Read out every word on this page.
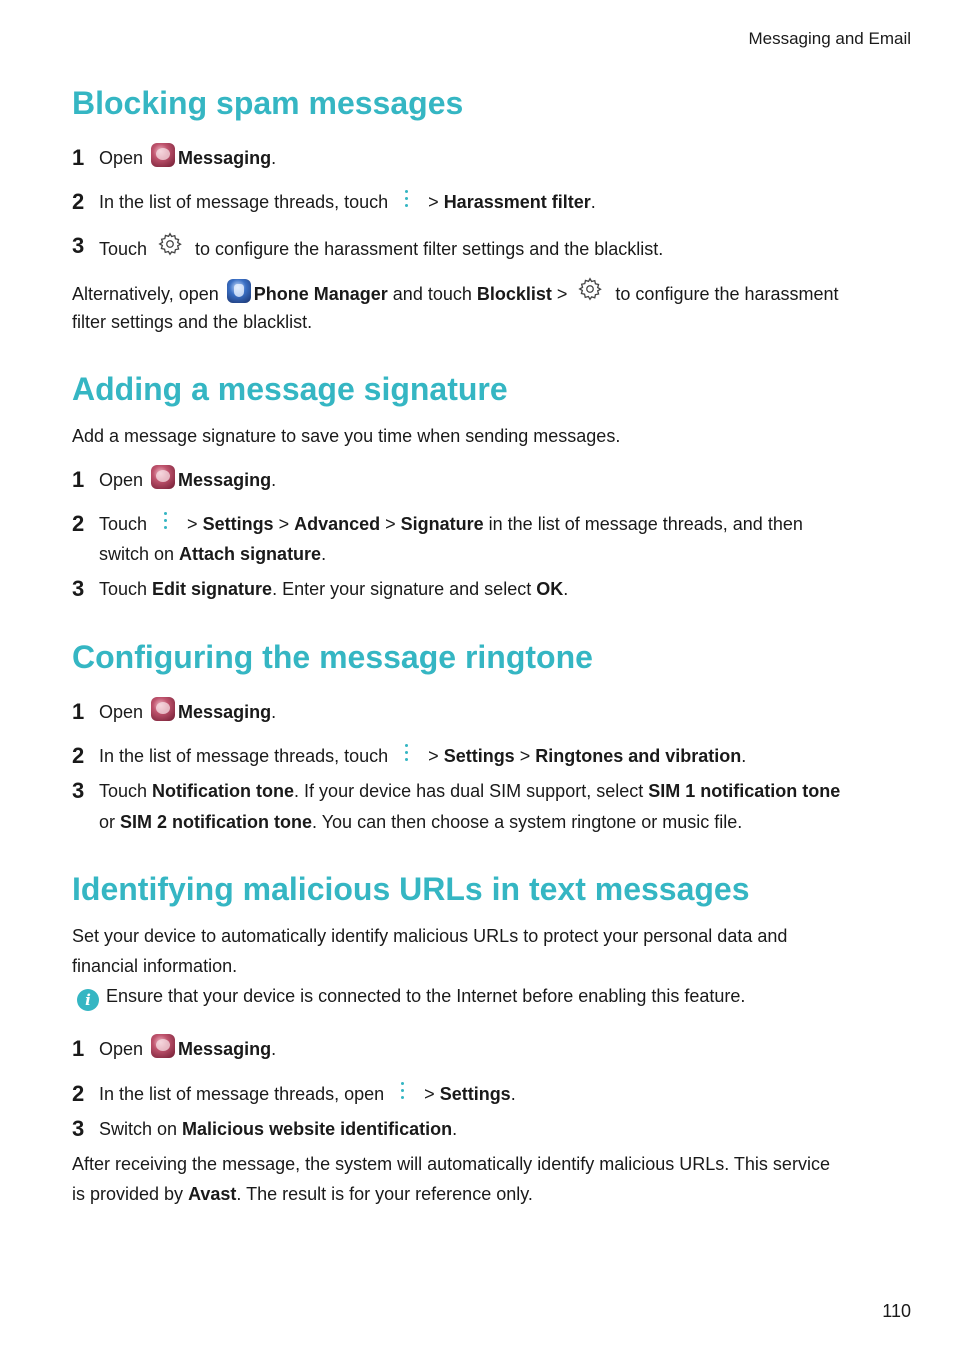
Messaging and Email
Blocking spam messages
1 Open Messaging.
2 In the list of message threads, touch > Harassment filter.
3 Touch	to configure the harassment filter settings and the blacklist.
Alternatively, open Phone Manager and touch Blocklist >	to configure the harassment
filter settings and the blacklist.
Adding a message signature
Add a message signature to save you time when sending messages.
1 Open Messaging.
2 Touch > Settings > Advanced > Signature in the list of message threads, and then
switch on Attach signature.
3 Touch Edit signature. Enter your signature and select OK.
Configuring the message ringtone
1 Open Messaging.
2 In the list of message threads, touch > Settings > Ringtones and vibration.
3 Touch Notification tone. If your device has dual SIM support, select SIM 1 notification tone
or SIM 2 notification tone. You can then choose a system ringtone or music file.
Identifying malicious URLs in text messages
Set your device to automatically identify malicious URLs to protect your personal data and
financial information.
i Ensure that your device is connected to the Internet before enabling this feature.
1 Open Messaging.
2 In the list of message threads, open > Settings.
3 Switch on Malicious website identification.
After receiving the message, the system will automatically identify malicious URLs. This service
is provided by Avast. The result is for your reference only.
110
